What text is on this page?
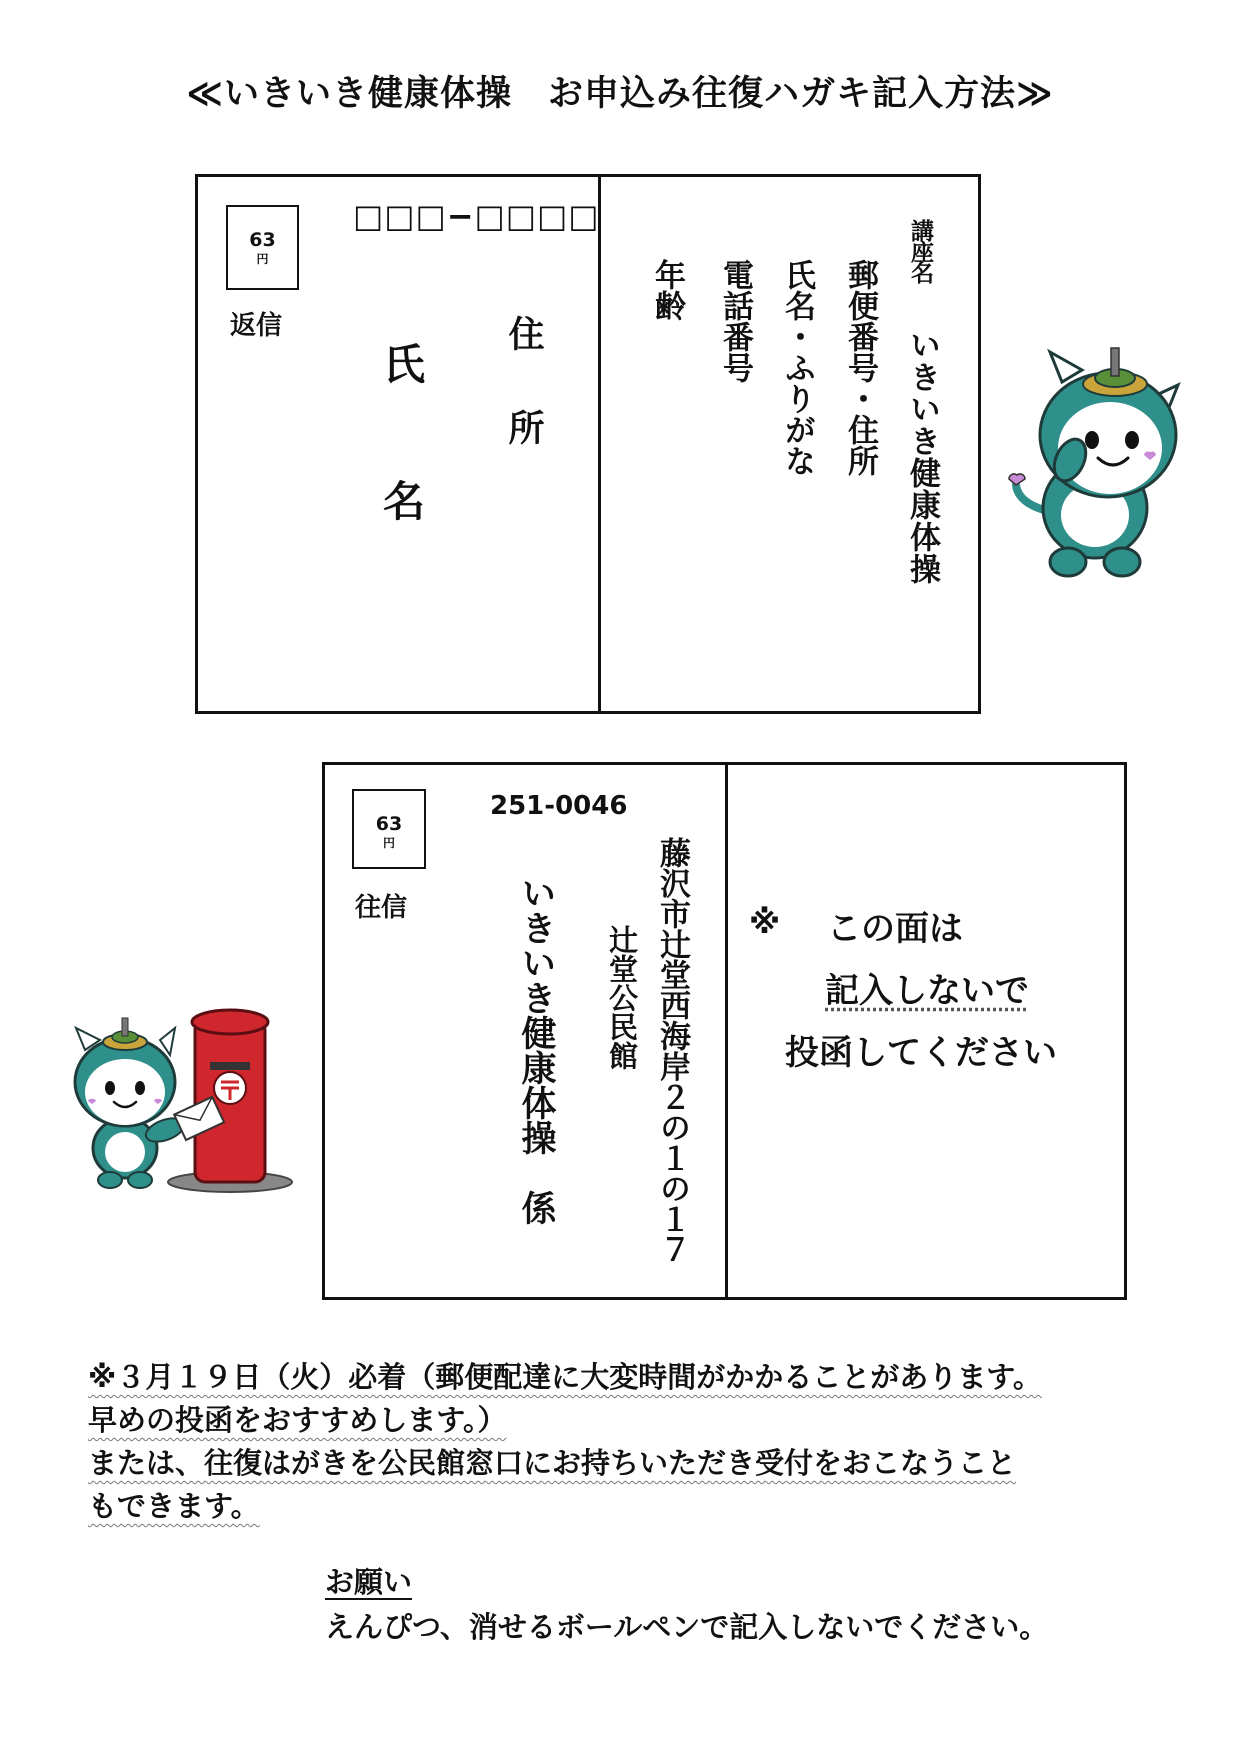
≪いきいき健康体操　お申込み往復ハガキ記入方法≫
63
円
返信
□□□−□□□□
住所
氏名
講座名
いきいき健康体操
郵便番号・住所
氏名・ふりがな
電話番号
年齢
63
円
往信
251-0046
藤沢市辻堂西海岸２の１の１７
辻堂公民館
いきいき健康体操　係	※ この面は
記入しないで
投函してください
※３月１９日（火）必着（郵便配達に大変時間がかかることがあります。
早めの投函をおすすめします。）
または、往復はがきを公民館窓口にお持ちいただき受付をおこなうこと
もできます。
お願い
えんぴつ、消せるボールペンで記入しないでください。
